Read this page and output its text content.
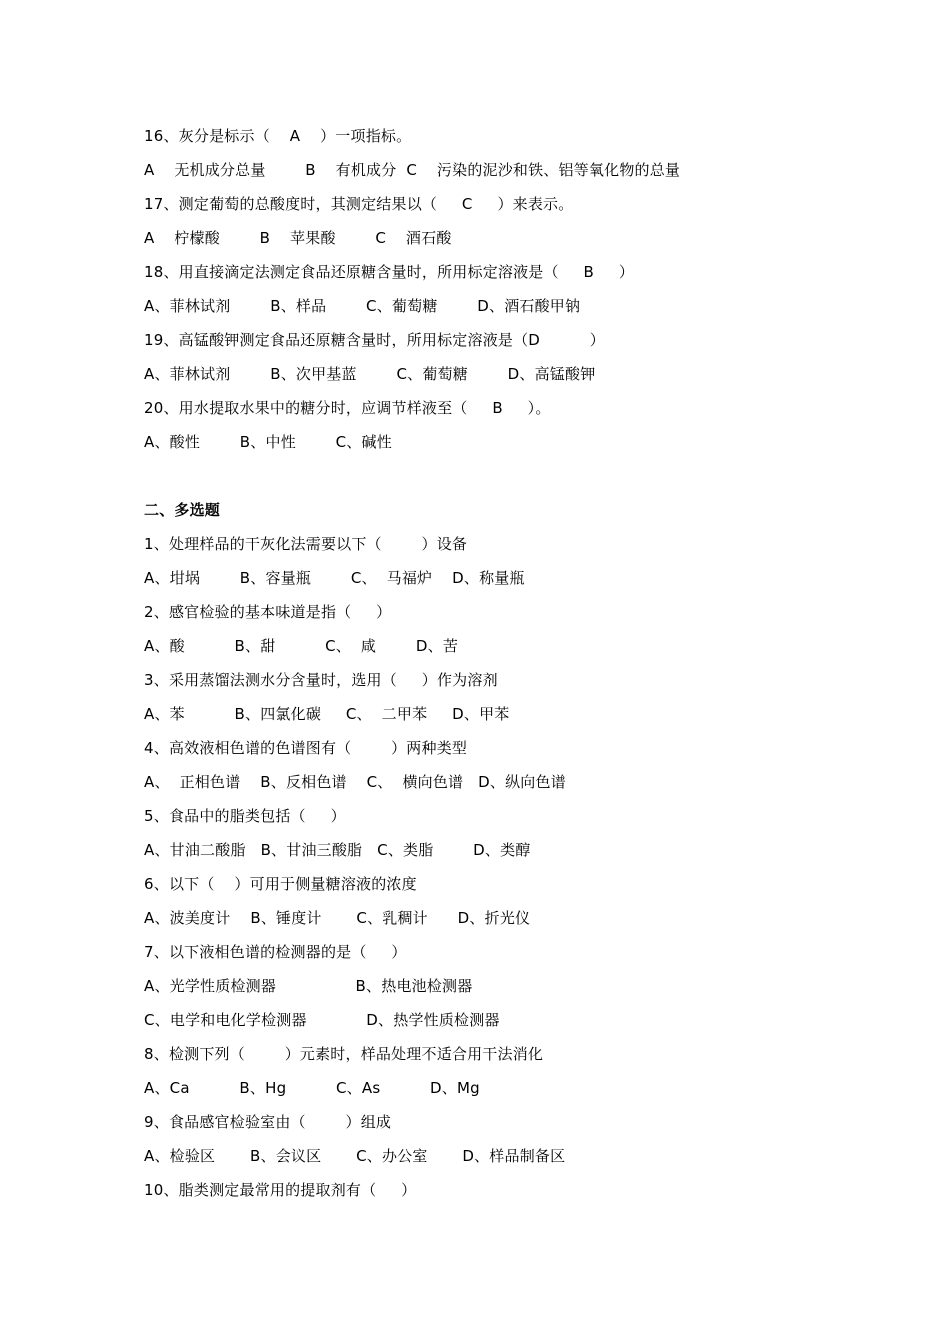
16、灰分是标示（    A    ）一项指标。
A    无机成分总量        B    有机成分  C    污染的泥沙和铁、铝等氧化物的总量
17、测定葡萄的总酸度时，其测定结果以（     C     ）来表示。
A    柠檬酸        B    苹果酸        C    酒石酸
18、用直接滴定法测定食品还原糖含量时，所用标定溶液是（     B     ）
A、菲林试剂        B、样品        C、葡萄糖        D、酒石酸甲钠
19、高锰酸钾测定食品还原糖含量时，所用标定溶液是（D          ）
A、菲林试剂        B、次甲基蓝        C、葡萄糖        D、高锰酸钾
20、用水提取水果中的糖分时，应调节样液至（     B     ）。
A、酸性        B、中性        C、碱性
二、多选题
1、处理样品的干灰化法需要以下（        ）设备
A、坩埚        B、容量瓶        C、  马福炉    D、称量瓶
2、感官检验的基本味道是指（     ）
A、酸          B、甜          C、  咸        D、苦
3、采用蒸馏法测水分含量时，选用（     ）作为溶剂
A、苯          B、四氯化碳     C、  二甲苯     D、甲苯
4、高效液相色谱的色谱图有（        ）两种类型
A、  正相色谱    B、反相色谱    C、  横向色谱   D、纵向色谱
5、食品中的脂类包括（     ）
A、甘油二酸脂   B、甘油三酸脂   C、类脂        D、类醇
6、以下（    ）可用于侧量糖溶液的浓度
A、波美度计    B、锤度计       C、乳稠计      D、折光仪
7、以下液相色谱的检测器的是（     ）
A、光学性质检测器                B、热电池检测器
C、电学和电化学检测器            D、热学性质检测器
8、检测下列（        ）元素时，样品处理不适合用干法消化
A、Ca          B、Hg          C、As          D、Mg
9、食品感官检验室由（        ）组成
A、检验区       B、会议区       C、办公室       D、样品制备区
10、脂类测定最常用的提取剂有（     ）
